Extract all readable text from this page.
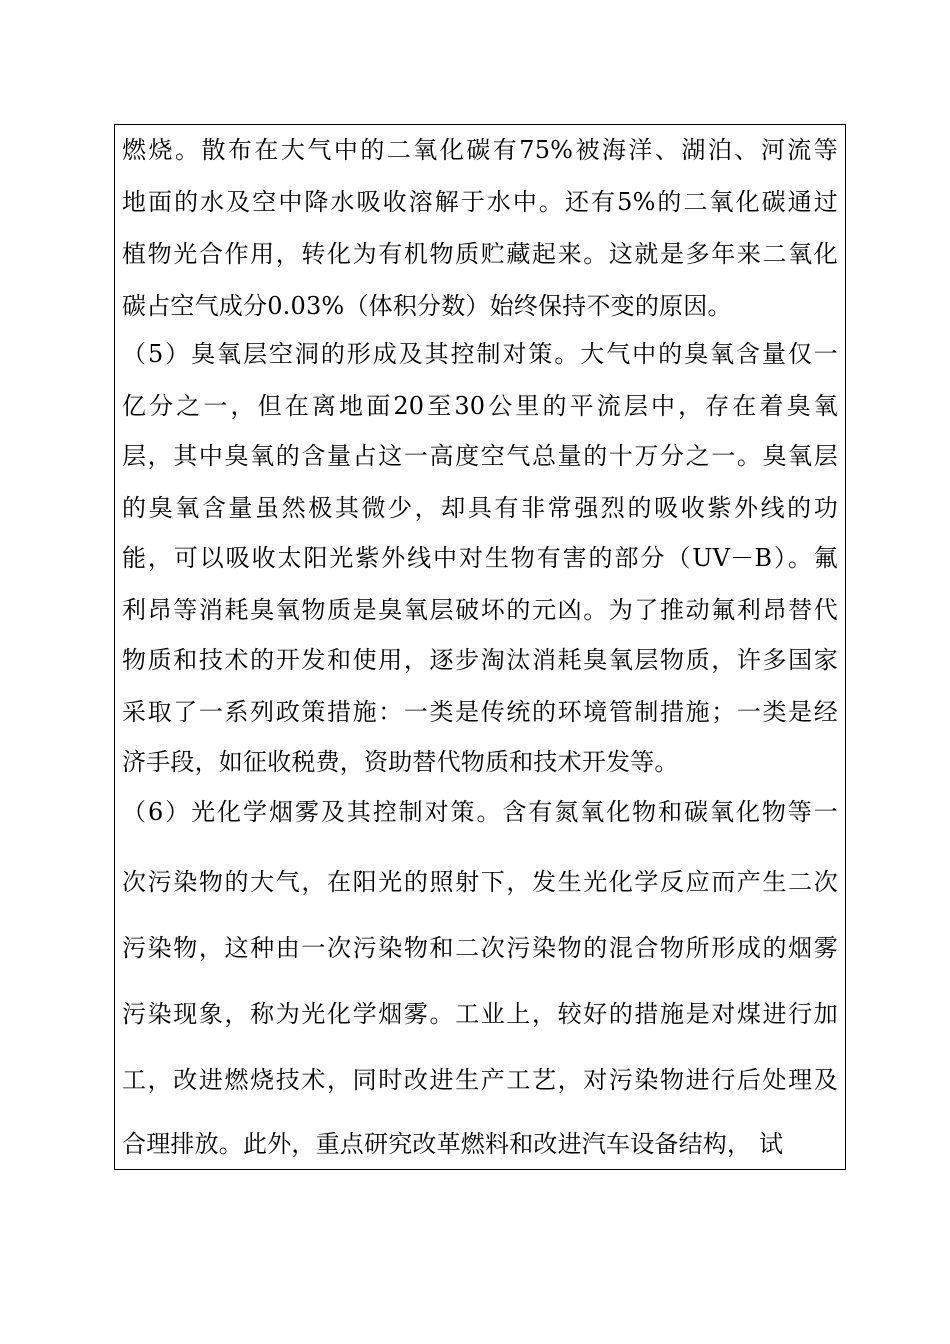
燃烧。散布在大气中的二氧化碳有75%被海洋、湖泊、河流等
地面的水及空中降水吸收溶解于水中。还有5%的二氧化碳通过
植物光合作用，转化为有机物质贮藏起来。这就是多年来二氧化
碳占空气成分0.03%（体积分数）始终保持不变的原因。
（5）臭氧层空洞的形成及其控制对策。大气中的臭氧含量仅一
亿分之一，但在离地面20至30公里的平流层中，存在着臭氧
层，其中臭氧的含量占这一高度空气总量的十万分之一。臭氧层
的臭氧含量虽然极其微少，却具有非常强烈的吸收紫外线的功
能，可以吸收太阳光紫外线中对生物有害的部分（UV－B）。氟
利昂等消耗臭氧物质是臭氧层破坏的元凶。为了推动氟利昂替代
物质和技术的开发和使用，逐步淘汰消耗臭氧层物质，许多国家
采取了一系列政策措施：一类是传统的环境管制措施；一类是经
济手段，如征收税费，资助替代物质和技术开发等。
（6）光化学烟雾及其控制对策。含有氮氧化物和碳氧化物等一
次污染物的大气，在阳光的照射下，发生光化学反应而产生二次
污染物，这种由一次污染物和二次污染物的混合物所形成的烟雾
污染现象，称为光化学烟雾。工业上，较好的措施是对煤进行加
工，改进燃烧技术，同时改进生产工艺，对污染物进行后处理及
合理排放。此外，重点研究改革燃料和改进汽车设备结构， 试
